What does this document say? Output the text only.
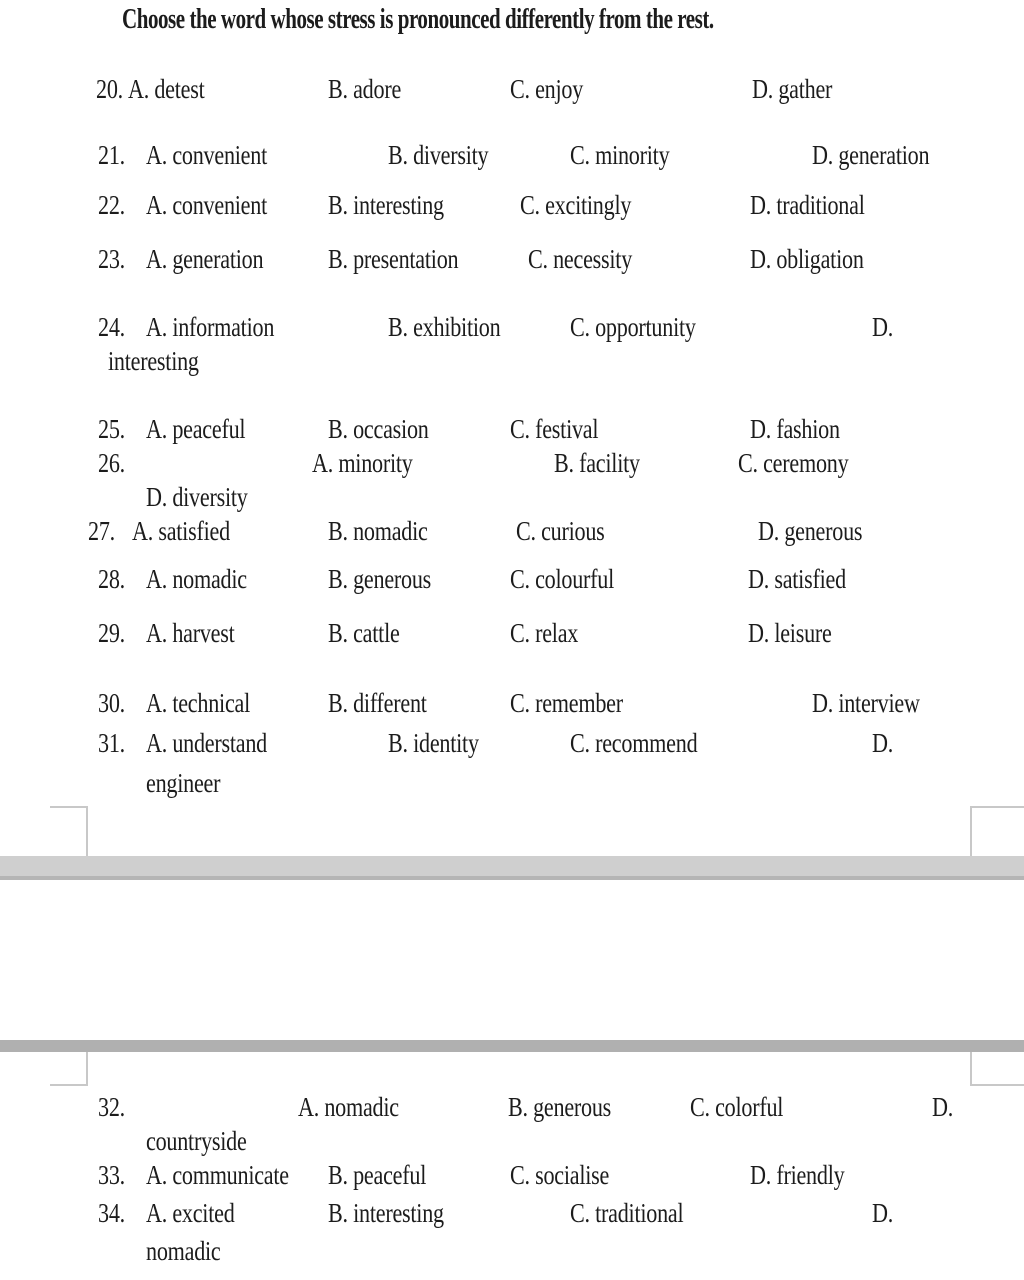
Choose the word whose stress is pronounced differently from the rest.
20. A. detest	B. adore	C. enjoy	D. gather
21. A. convenient	B. diversity	C. minority	D. generation
22. A. convenient B. interesting	C. excitingly	D. traditional
23. A. generation B. presentation	C. necessity	D. obligation
24. A. information	B. exhibition	C. opportunity	D.
interesting
25. A. peaceful	B. occasion	C. festival	D. fashion
26.	A. minority	B. facility	C. ceremony
D. diversity
27. A. satisfied	B. nomadic	C. curious	D. generous
28. A. nomadic	B. generous	C. colourful	D. satisfied
29. A. harvest	B. cattle	C. relax	D. leisure
30. A. technical	B. different	C. remember	D. interview
31. A. understand	B. identity	C. recommend	D.
engineer
32.	A. nomadic	B. generous	C. colorful	D.
countryside
33. A. communicate B. peaceful	C. socialise	D. friendly
34. A. excited	B. interesting	C. traditional	D.
nomadic
